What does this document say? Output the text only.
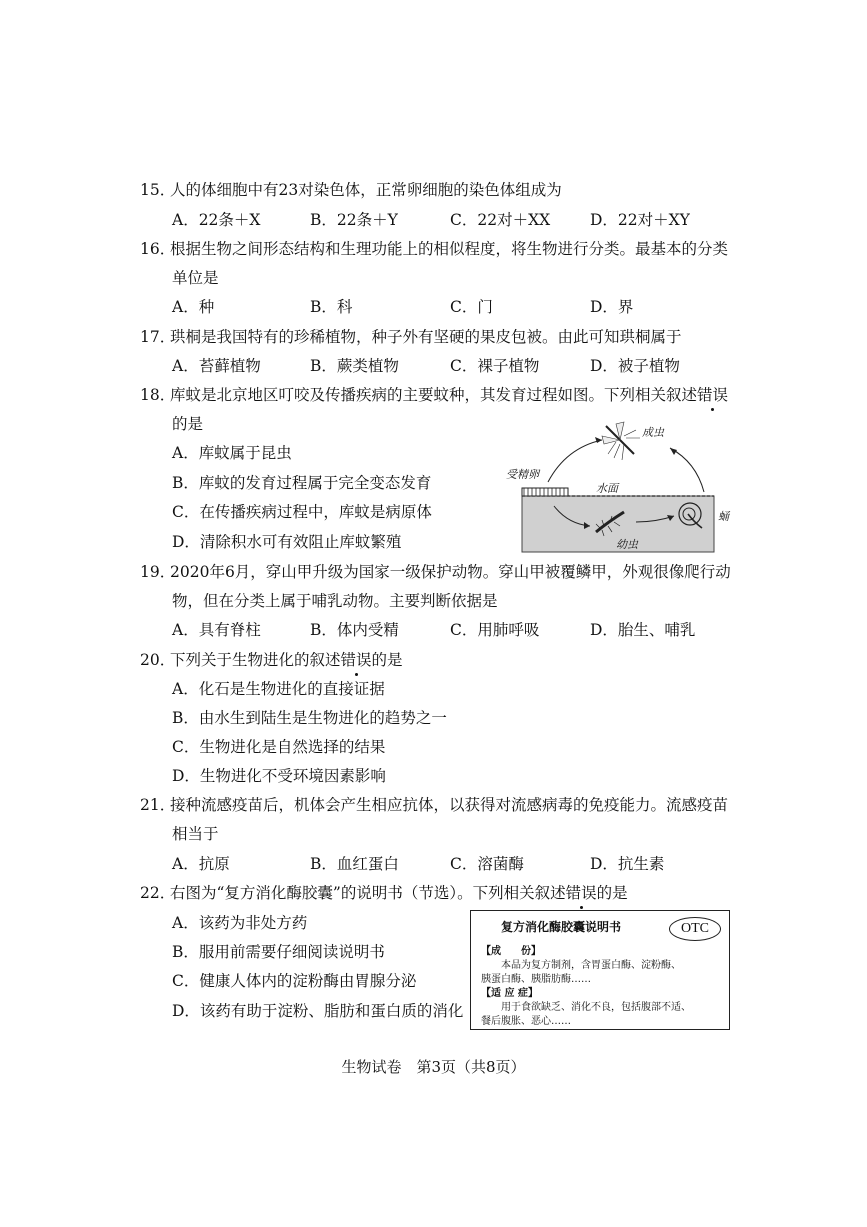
15．人的体细胞中有23对染色体，正常卵细胞的染色体组成为
A．22条＋X	B．22条＋Y	C．22对＋XX	D．22对＋XY
16．根据生物之间形态结构和生理功能上的相似程度，将生物进行分类。最基本的分类
单位是
A．种	B．科	C．门	D．界
17．珙桐是我国特有的珍稀植物，种子外有坚硬的果皮包被。由此可知珙桐属于
A．苔藓植物	B．蕨类植物	C．裸子植物	D．被子植物
18．库蚊是北京地区叮咬及传播疾病的主要蚊种，其发育过程如图。下列相关叙述错误
的是
A．库蚊属于昆虫
B．库蚊的发育过程属于完全变态发育
C．在传播疾病过程中，库蚊是病原体
D．清除积水可有效阻止库蚊繁殖
成虫
受精卵
水面
幼虫
蛹
19．2020年6月，穿山甲升级为国家一级保护动物。穿山甲被覆鳞甲，外观很像爬行动
物，但在分类上属于哺乳动物。主要判断依据是
A．具有脊柱	B．体内受精	C．用肺呼吸	D．胎生、哺乳
20．下列关于生物进化的叙述错误的是
A．化石是生物进化的直接证据
B．由水生到陆生是生物进化的趋势之一
C．生物进化是自然选择的结果
D．生物进化不受环境因素影响
21．接种流感疫苗后，机体会产生相应抗体，以获得对流感病毒的免疫能力。流感疫苗
相当于
A．抗原	B．血红蛋白	C．溶菌酶	D．抗生素
22．右图为“复方消化酶胶囊”的说明书（节选）。下列相关叙述错误的是
A．该药为非处方药
B．服用前需要仔细阅读说明书
C．健康人体内的淀粉酶由胃腺分泌
D．该药有助于淀粉、脂肪和蛋白质的消化
复方消化酶胶囊说明书	OTC
【成　　份】
本品为复方制剂，含胃蛋白酶、淀粉酶、
胰蛋白酶、胰脂肪酶……
【适 应 症】
用于食欲缺乏、消化不良，包括腹部不适、
餐后腹胀、恶心……
生物试卷　第3页（共8页）
